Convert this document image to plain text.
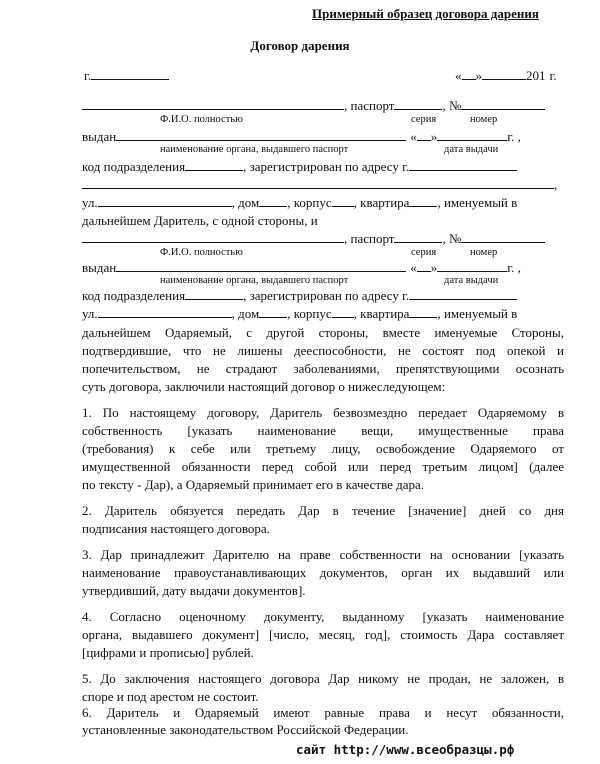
Примерный образец договора дарения
Договор дарения
г.	« »	201 г.
, паспорт	, №
Ф.И.О. полностью	серия	номер
выдан	« »	г. ,
наименование органа, выдавшего паспорт	дата выдачи
код подразделения	, зарегистрирован по адресу г.
,
ул.	, дом , корпус , квартира , именуемый в
дальнейшем Даритель, с одной стороны, и
, паспорт	, №
Ф.И.О. полностью	серия	номер
выдан	« »	г. ,
наименование органа, выдавшего паспорт	дата выдачи
код подразделения	, зарегистрирован по адресу г.
ул.	, дом , корпус , квартира , именуемый в
дальнейшем Одаряемый, с другой стороны, вместе именуемые Стороны,
подтвердившие, что не лишены дееспособности, не состоят под опекой и
попечительством, не страдают заболеваниями, препятствующими осознать
суть договора, заключили настоящий договор о нижеследующем:
1. По настоящему договору, Даритель безвозмездно передает Одаряемому в
собственность [указать наименование вещи, имущественные права
(требования) к себе или третьему лицу, освобождение Одаряемого от
имущественной обязанности перед собой или перед третьим лицом] (далее
по тексту - Дар), а Одаряемый принимает его в качестве дара.
2. Даритель обязуется передать Дар в течение [значение] дней со дня
подписания настоящего договора.
3. Дар принадлежит Дарителю на праве собственности на основании [указать
наименование правоустанавливающих документов, орган их выдавший или
утвердивший, дату выдачи документов].
4. Согласно оценочному документу, выданному [указать наименование
органа, выдавшего документ] [число, месяц, год], стоимость Дара составляет
[цифрами и прописью] рублей.
5. До заключения настоящего договора Дар никому не продан, не заложен, в
споре и под арестом не состоит.
6. Даритель и Одаряемый имеют равные права и несут обязанности,
установленные законодательством Российской Федерации.
сайт http://www.всеобразцы.рф
